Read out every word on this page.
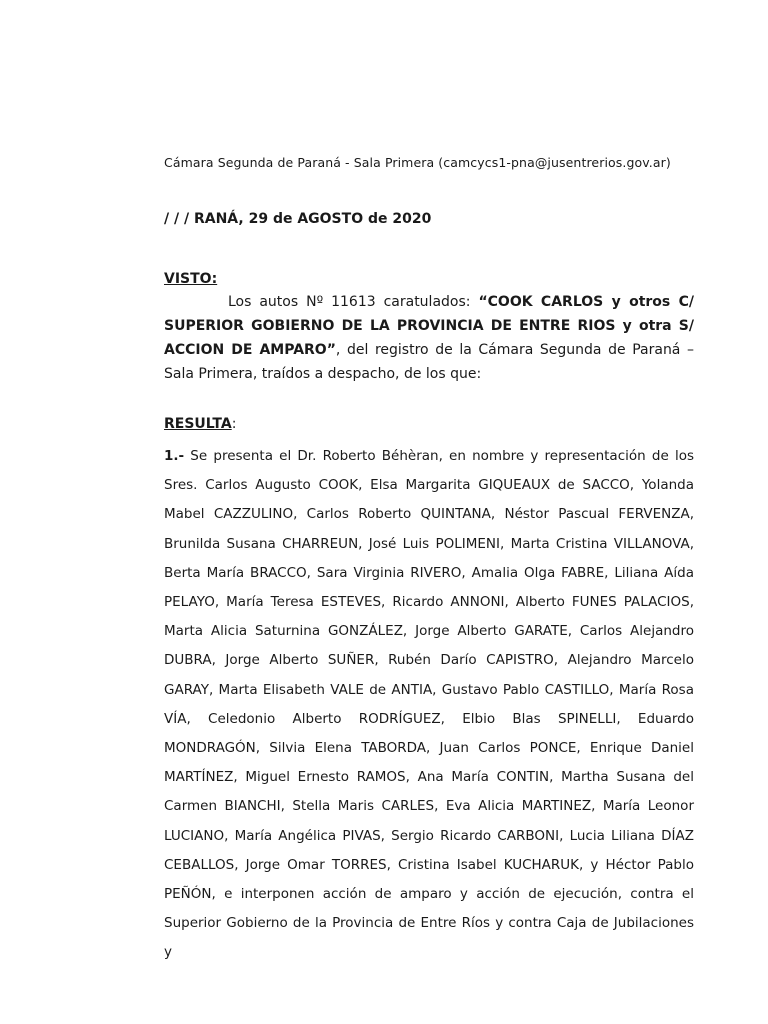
Cámara Segunda de Paraná - Sala Primera (camcycs1-pna@jusentrerios.gov.ar)
/ / / RANÁ, 29 de AGOSTO de 2020
VISTO:

Los autos Nº 11613 caratulados: “COOK CARLOS y otros C/ SUPERIOR GOBIERNO DE LA PROVINCIA DE ENTRE RIOS y otra S/ ACCION DE AMPARO”, del registro de la Cámara Segunda de Paraná – Sala Primera, traídos a despacho, de los que:

RESULTA:

1.- Se presenta el Dr. Roberto Béhèran, en nombre y representación de los Sres. Carlos Augusto COOK, Elsa Margarita GIQUEAUX de SACCO, Yolanda Mabel CAZZULINO, Carlos Roberto QUINTANA, Néstor Pascual FERVENZA, Brunilda Susana CHARREUN, José Luis POLIMENI, Marta Cristina VILLANOVA, Berta María BRACCO, Sara Virginia RIVERO, Amalia Olga FABRE, Liliana Aída PELAYO, María Teresa ESTEVES, Ricardo ANNONI, Alberto FUNES PALACIOS, Marta Alicia Saturnina GONZÁLEZ, Jorge Alberto GARATE, Carlos Alejandro DUBRA, Jorge Alberto SUÑER, Rubén Darío CAPISTRO, Alejandro Marcelo GARAY, Marta Elisabeth VALE de ANTIA, Gustavo Pablo CASTILLO, María Rosa VÍA, Celedonio Alberto RODRÍGUEZ, Elbio Blas SPINELLI, Eduardo MONDRAGÓN, Silvia Elena TABORDA, Juan Carlos PONCE, Enrique Daniel MARTÍNEZ, Miguel Ernesto RAMOS, Ana María CONTIN, Martha Susana del Carmen BIANCHI, Stella Maris CARLES, Eva Alicia MARTINEZ, María Leonor LUCIANO, María Angélica PIVAS, Sergio Ricardo CARBONI, Lucia Liliana DÍAZ CEBALLOS, Jorge Omar TORRES, Cristina Isabel KUCHARUK, y Héctor Pablo PEÑÓN, e interponen acción de amparo y acción de ejecución, contra el Superior Gobierno de la Provincia de Entre Ríos y contra Caja de Jubilaciones y
